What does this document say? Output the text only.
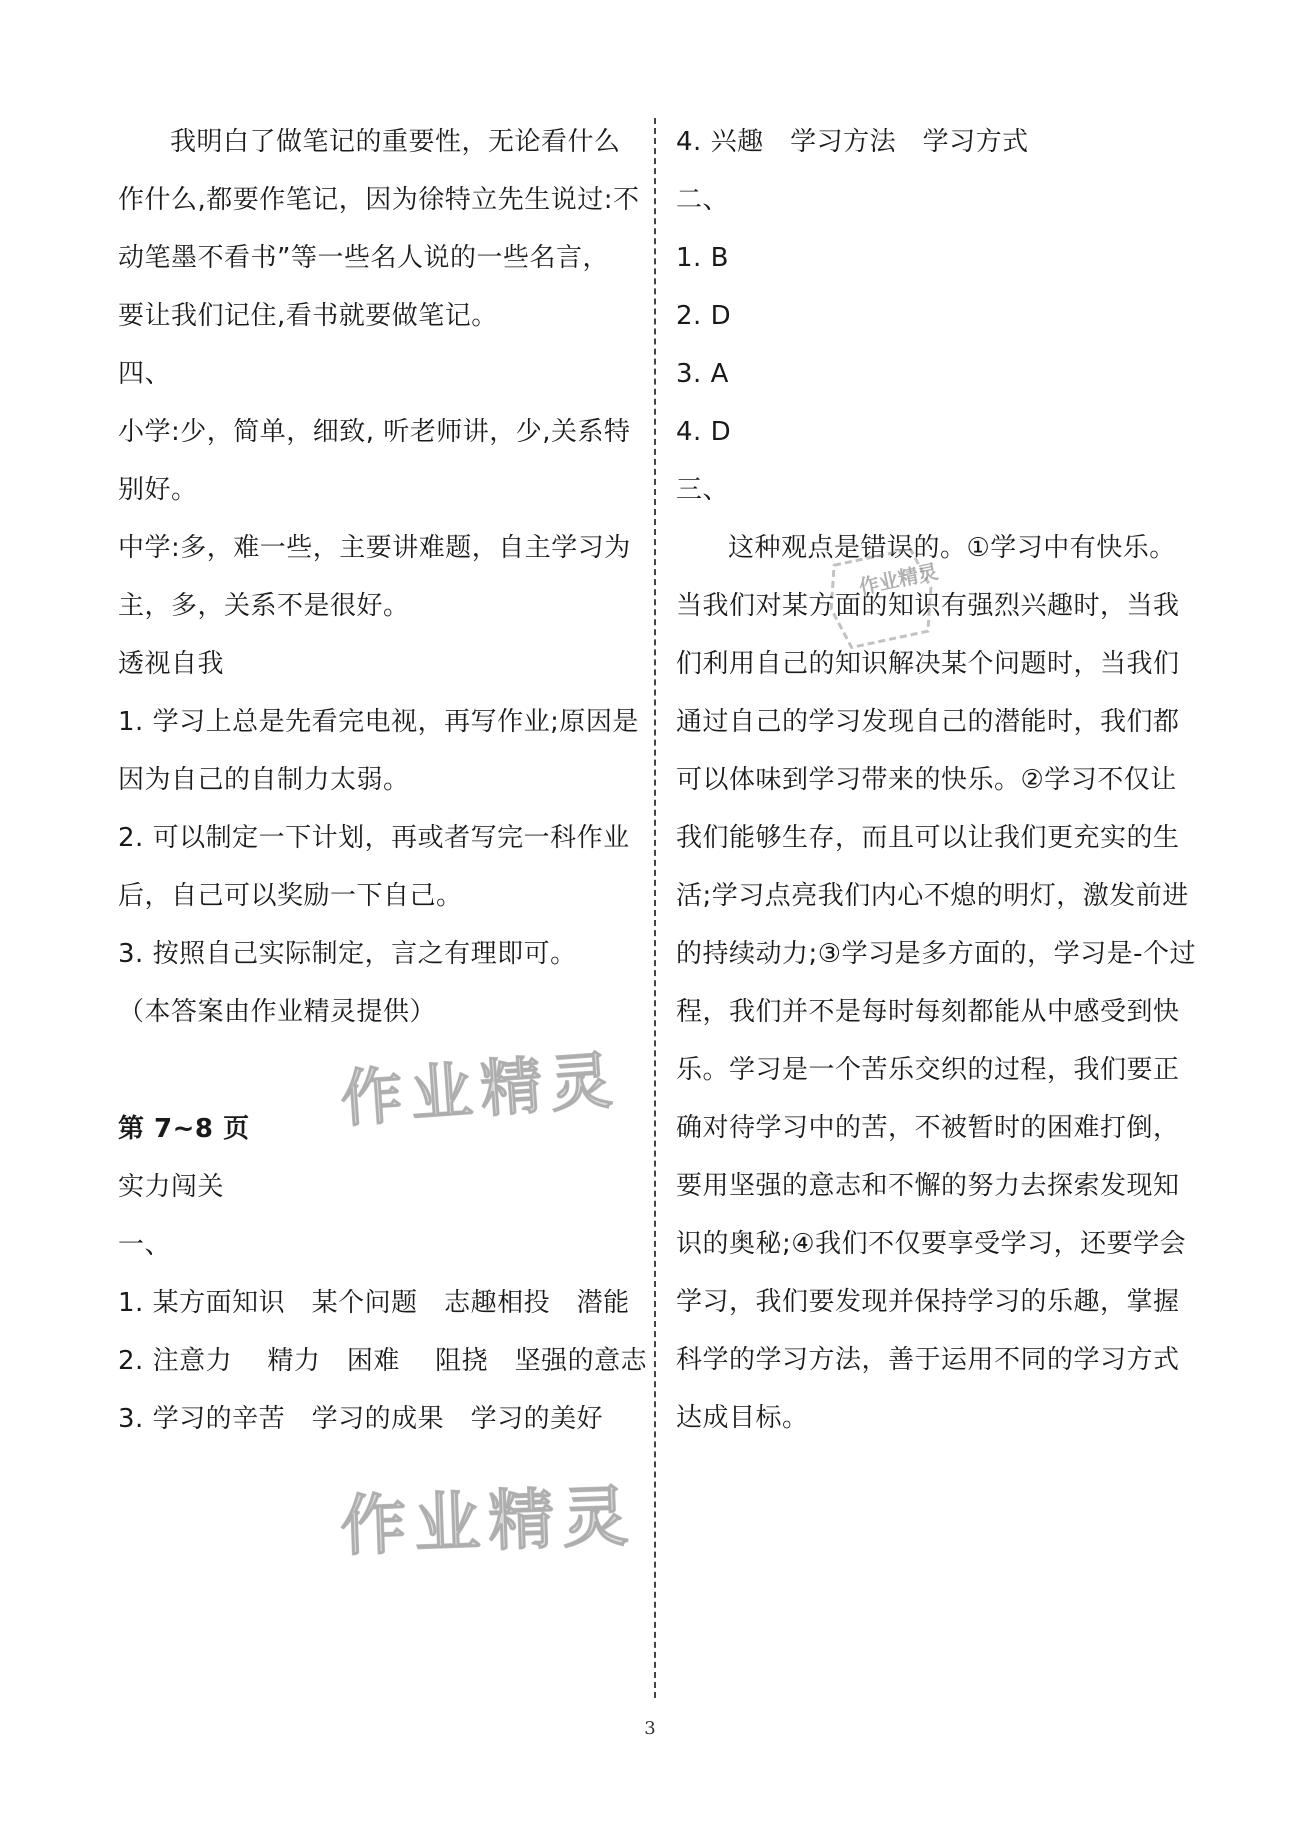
我明白了做笔记的重要性，无论看什么
作什么,都要作笔记，因为徐特立先生说过:不
动笔墨不看书”等一些名人说的一些名言，
要让我们记住,看书就要做笔记。
四、
小学:少，简单，细致, 听老师讲，少,关系特
别好。
中学:多，难一些，主要讲难题，自主学习为
主，多，关系不是很好。
透视自我
1. 学习上总是先看完电视，再写作业;原因是
因为自己的自制力太弱。
2. 可以制定一下计划，再或者写完一科作业
后，自己可以奖励一下自己。
3. 按照自己实际制定，言之有理即可。
（本答案由作业精灵提供）
第 7~8 页
实力闯关
一、
1. 某方面知识　某个问题　志趣相投　潜能
2. 注意力　 精力　困难　 阻挠　坚强的意志
3. 学习的辛苦　学习的成果　学习的美好
4. 兴趣　学习方法　学习方式
二、
1. B
2. D
3. A
4. D
三、
这种观点是错误的。①学习中有快乐。
当我们对某方面的知识有强烈兴趣时，当我
们利用自己的知识解决某个问题时，当我们
通过自己的学习发现自己的潜能时，我们都
可以体味到学习带来的快乐。②学习不仅让
我们能够生存，而且可以让我们更充实的生
活;学习点亮我们内心不熄的明灯，激发前进
的持续动力;③学习是多方面的，学习是-个过
程，我们并不是每时每刻都能从中感受到快
乐。学习是一个苦乐交织的过程，我们要正
确对待学习中的苦，不被暂时的困难打倒，
要用坚强的意志和不懈的努力去探索发现知
识的奥秘;④我们不仅要享受学习，还要学会
学习，我们要发现并保持学习的乐趣，掌握
科学的学习方法，善于运用不同的学习方式
达成目标。
作业精灵
作业精灵
作业精灵
3
